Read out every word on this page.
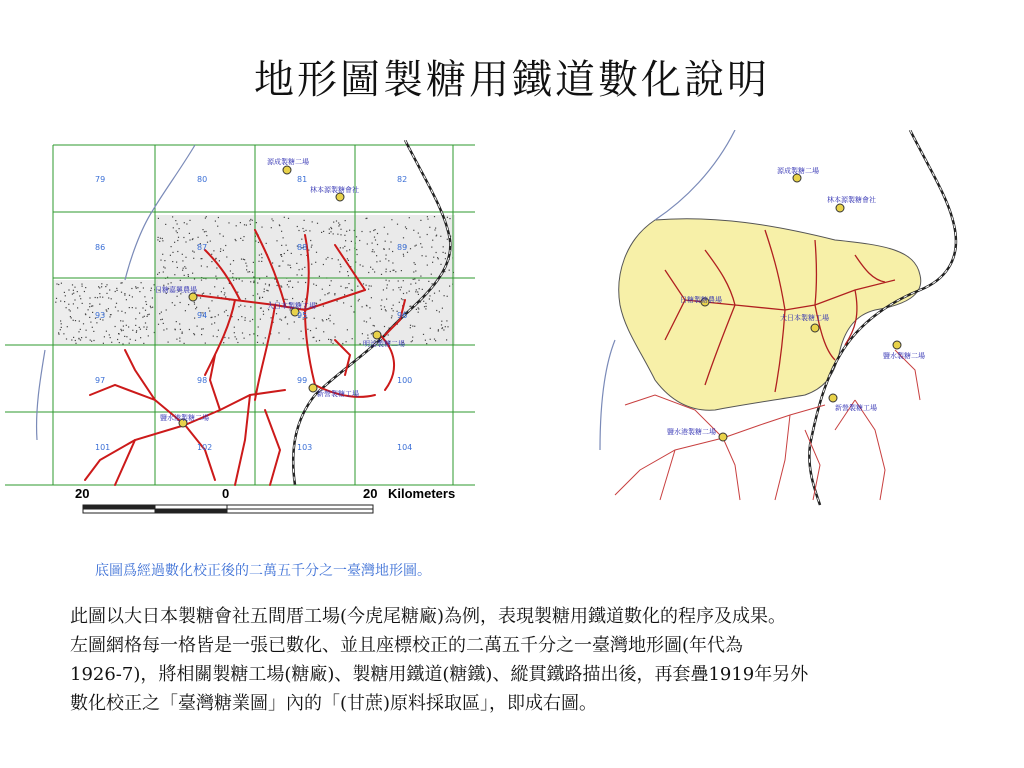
地形圖製糖用鐵道數化說明
源成製糖二場
林本源製糖會社
日糖嘉興農場
大日本製糖工場
明治製糖二場
新營製糖工場
鹽水港製糖二場
79	80	81	82
86	87	88	89
93	94	95	96
97	98	99	100
101	102	103	104
20	0	20 Kilometers
源成製糖二場
林本源製糖會社
日糖製糖農場
大日本製糖工場
鹽水製糖二場
新營製糖工場
鹽水港製糖二場
底圖爲經過數化校正後的二萬五千分之一臺灣地形圖。

此圖以大日本製糖會社五間厝工場(今虎尾糖廠)為例，表現製糖用鐵道數化的程序及成果。

左圖網格每一格皆是一張已數化、並且座標校正的二萬五千分之一臺灣地形圖(年代為

1926-7)，將相關製糖工場(糖廠)、製糖用鐵道(糖鐵)、縱貫鐵路描出後，再套疊1919年另外

數化校正之「臺灣糖業圖」內的「(甘蔗)原料採取區」，即成右圖。
